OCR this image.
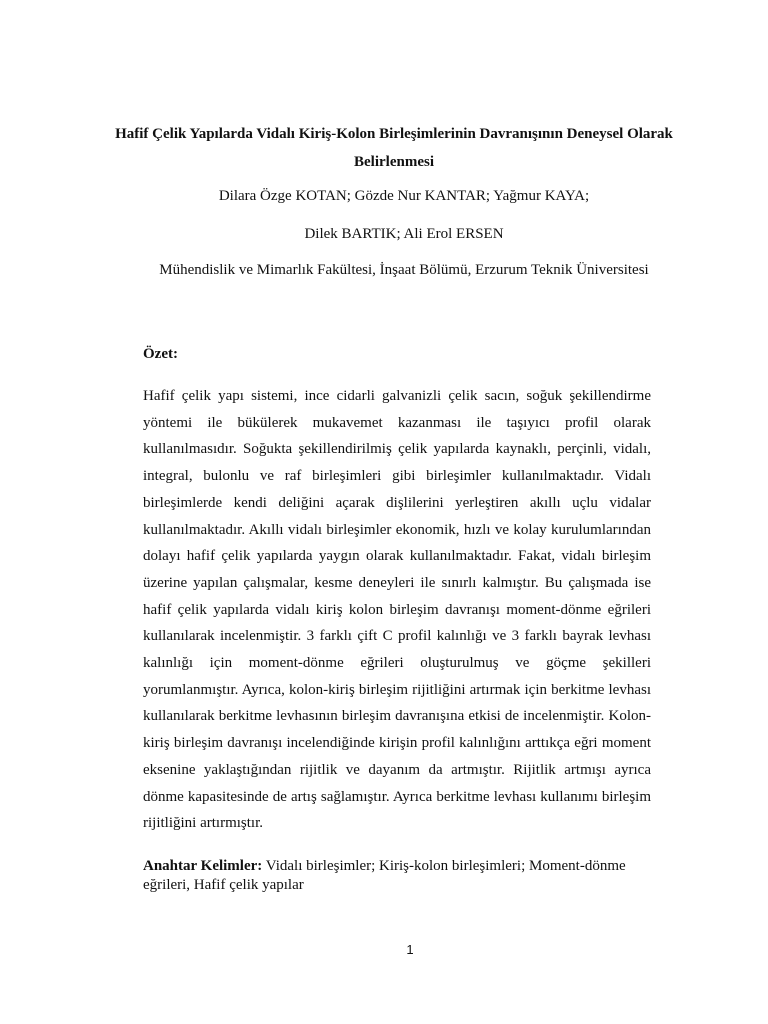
Hafif Çelik Yapılarda Vidalı Kiriş-Kolon Birleşimlerinin Davranışının Deneysel Olarak Belirlenmesi

Dilara Özge KOTAN; Gözde Nur KANTAR; Yağmur KAYA;

Dilek BARTIK; Ali Erol ERSEN

Mühendislik ve Mimarlık Fakültesi, İnşaat Bölümü, Erzurum Teknik Üniversitesi

Özet:

Hafif çelik yapı sistemi, ince cidarli galvanizli çelik sacın, soğuk şekillendirme yöntemi ile bükülerek mukavemet kazanması ile taşıyıcı profil olarak kullanılmasıdır. Soğukta şekillendirilmiş çelik yapılarda kaynaklı, perçinli, vidalı, integral, bulonlu ve raf birleşimleri gibi birleşimler kullanılmaktadır. Vidalı birleşimlerde kendi deliğini açarak dişlilerini yerleştiren akıllı uçlu vidalar kullanılmaktadır. Akıllı vidalı birleşimler ekonomik, hızlı ve kolay kurulumlarından dolayı hafif çelik yapılarda yaygın olarak kullanılmaktadır. Fakat, vidalı birleşim üzerine yapılan çalışmalar, kesme deneyleri ile sınırlı kalmıştır. Bu çalışmada ise hafif çelik yapılarda vidalı kiriş kolon birleşim davranışı moment-dönme eğrileri kullanılarak incelenmiştir. 3 farklı çift C profil kalınlığı ve 3 farklı bayrak levhası kalınlığı için moment-dönme eğrileri oluşturulmuş ve göçme şekilleri yorumlanmıştır. Ayrıca, kolon-kiriş birleşim rijitliğini artırmak için berkitme levhası kullanılarak berkitme levhasının birleşim davranışına etkisi de incelenmiştir. Kolon-kiriş birleşim davranışı incelendiğinde kirişin profil kalınlığını arttıkça eğri moment eksenine yaklaştığından rijitlik ve dayanım da artmıştır. Rijitlik artmışı ayrıca dönme kapasitesinde de artış sağlamıştır. Ayrıca berkitme levhası kullanımı birleşim rijitliğini artırmıştır.

Anahtar Kelimler: Vidalı birleşimler; Kiriş-kolon birleşimleri; Moment-dönme eğrileri, Hafif çelik yapılar

1
